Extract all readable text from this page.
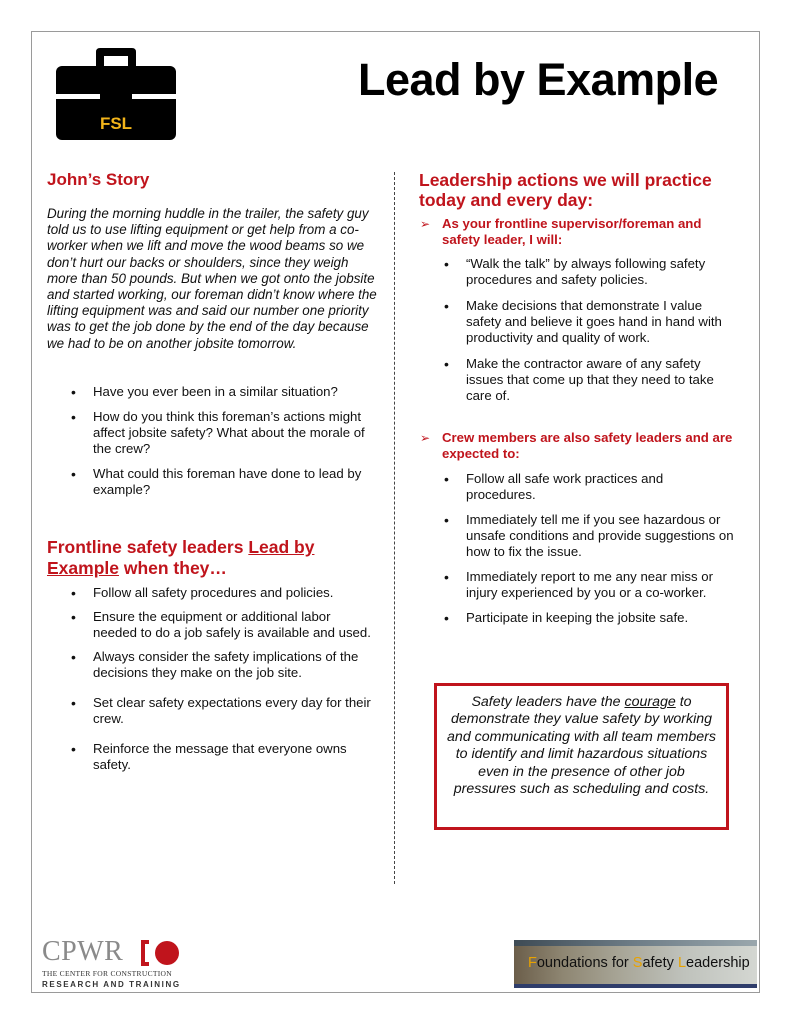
FSL
Lead by Example
John’s Story

During the morning huddle in the trailer, the safety guy told us to use lifting equipment or get help from a co-worker when we lift and move the wood beams so we don’t hurt our backs or shoulders, since they weigh more than 50 pounds. But when we got onto the jobsite and started working, our foreman didn’t know where the lifting equipment was and said our number one priority was to get the job done by the end of the day because we had to be on another jobsite tomorrow.

• Have you ever been in a similar situation?
• How do you think this foreman’s actions might affect jobsite safety? What about the morale of the crew?
• What could this foreman have done to lead by example?
Frontline safety leaders Lead by Example when they…
• Follow all safety procedures and policies.
• Ensure the equipment or additional labor needed to do a job safely is available and used.
• Always consider the safety implications of the decisions they make on the job site.
• Set clear safety expectations every day for their crew.
• Reinforce the message that everyone owns safety.
Leadership actions we will practice today and every day:
➢ As your frontline supervisor/foreman and safety leader, I will:
• “Walk the talk” by always following safety procedures and safety policies.
• Make decisions that demonstrate I value safety and believe it goes hand in hand with productivity and quality of work.
• Make the contractor aware of any safety issues that come up that they need to take care of.
➢ Crew members are also safety leaders and are expected to:
• Follow all safe work practices and procedures.
• Immediately tell me if you see hazardous or unsafe conditions and provide suggestions on how to fix the issue.
• Immediately report to me any near miss or injury experienced by you or a co-worker.
• Participate in keeping the jobsite safe.
Safety leaders have the courage to demonstrate they value safety by working and communicating with all team members to identify and limit hazardous situations even in the presence of other job pressures such as scheduling and costs.
CPWR
THE CENTER FOR CONSTRUCTION
RESEARCH AND TRAINING
Foundations for Safety Leadership
